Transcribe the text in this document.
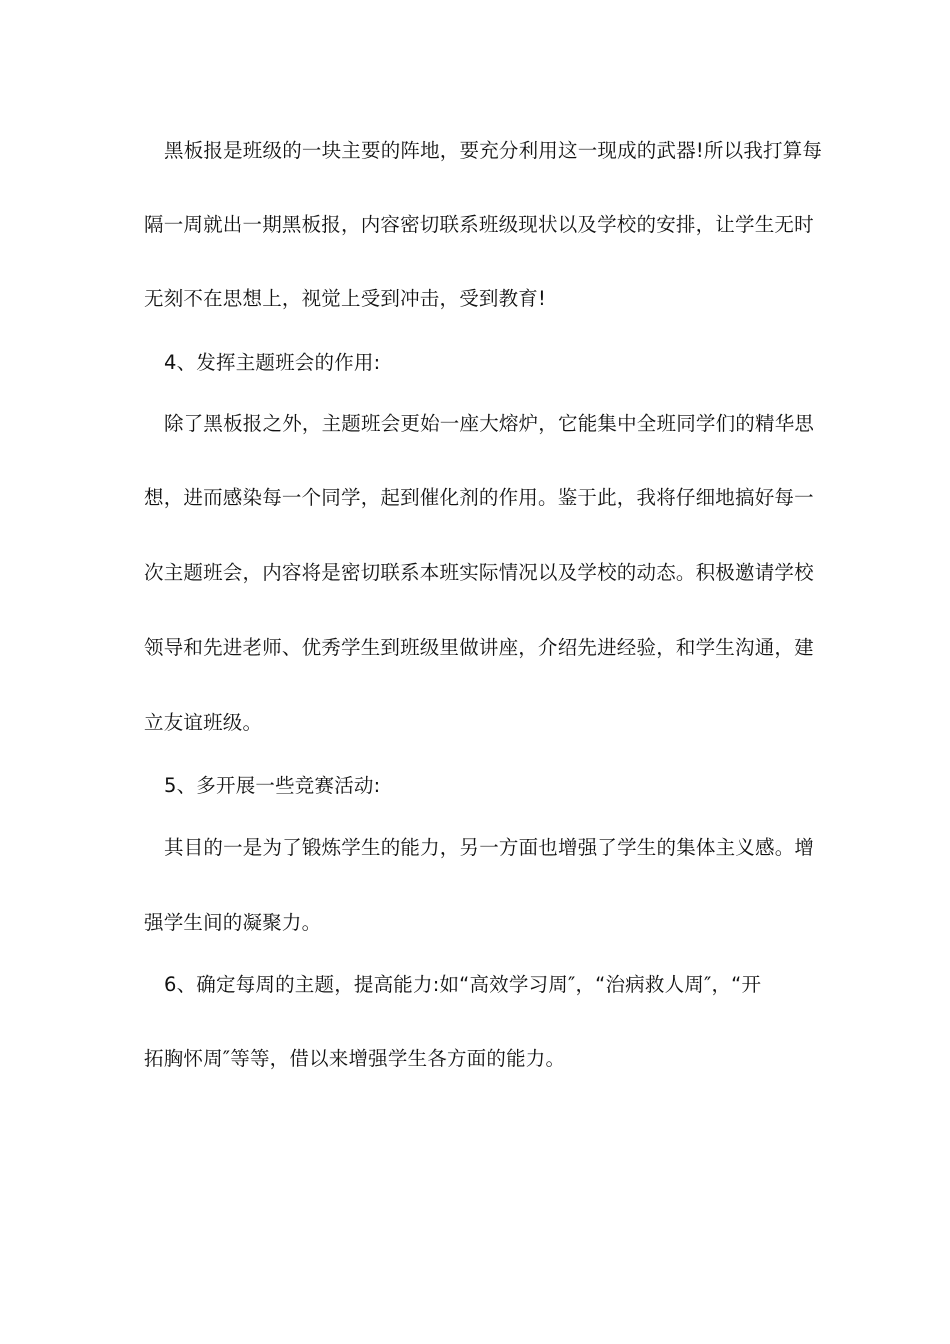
黑板报是班级的一块主要的阵地，要充分利用这一现成的武器!所以我打算每
隔一周就出一期黑板报，内容密切联系班级现状以及学校的安排，让学生无时
无刻不在思想上，视觉上受到冲击，受到教育!
4、发挥主题班会的作用:
除了黑板报之外，主题班会更始一座大熔炉，它能集中全班同学们的精华思
想，进而感染每一个同学，起到催化剂的作用。鉴于此，我将仔细地搞好每一
次主题班会，内容将是密切联系本班实际情况以及学校的动态。积极邀请学校
领导和先进老师、优秀学生到班级里做讲座，介绍先进经验，和学生沟通，建
立友谊班级。
5、多开展一些竞赛活动:
其目的一是为了锻炼学生的能力，另一方面也增强了学生的集体主义感。增
强学生间的凝聚力。
6、确定每周的主题，提高能力:如“高效学习周″，“治病救人周″，“开
拓胸怀周″等等，借以来增强学生各方面的能力。
